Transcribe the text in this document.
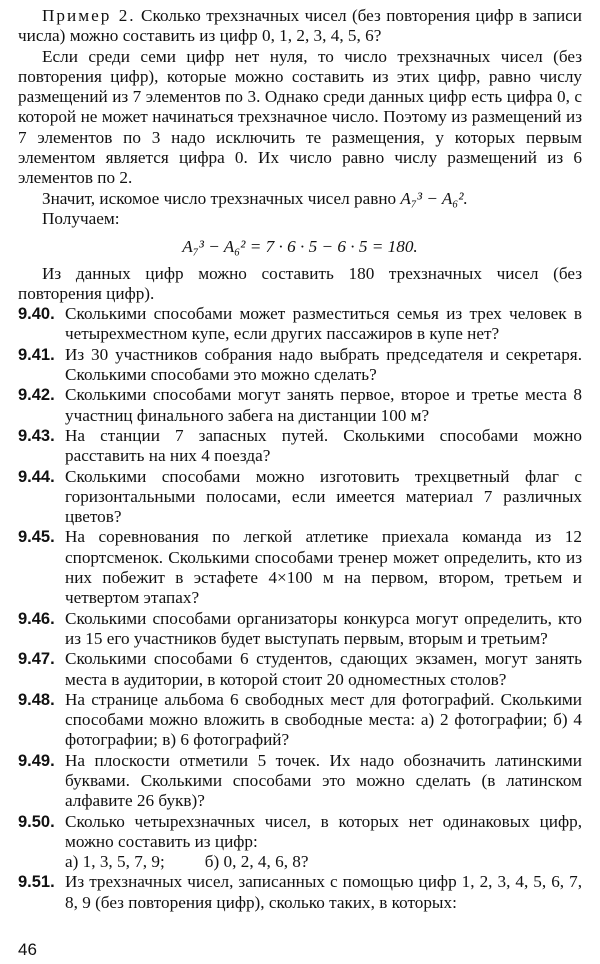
Пример 2. Сколько трехзначных чисел (без повторения цифр в записи числа) можно составить из цифр 0, 1, 2, 3, 4, 5, 6?
Если среди семи цифр нет нуля, то число трехзначных чисел (без повторения цифр), которые можно составить из этих цифр, равно числу размещений из 7 элементов по 3. Однако среди данных цифр есть цифра 0, с которой не может начинаться трехзначное число. Поэтому из размещений из 7 элементов по 3 надо исключить те размещения, у которых первым элементом является цифра 0. Их число равно числу размещений из 6 элементов по 2.
Значит, искомое число трехзначных чисел равно A₇³ − A₆².
Получаем:
A₇³ − A₆² = 7 · 6 · 5 − 6 · 5 = 180.
Из данных цифр можно составить 180 трехзначных чисел (без повторения цифр).
9.40. Сколькими способами может разместиться семья из трех человек в четырехместном купе, если других пассажиров в купе нет?
9.41. Из 30 участников собрания надо выбрать председателя и секретаря. Сколькими способами это можно сделать?
9.42. Сколькими способами могут занять первое, второе и третье места 8 участниц финального забега на дистанции 100 м?
9.43. На станции 7 запасных путей. Сколькими способами можно расставить на них 4 поезда?
9.44. Сколькими способами можно изготовить трехцветный флаг с горизонтальными полосами, если имеется материал 7 различных цветов?
9.45. На соревнования по легкой атлетике приехала команда из 12 спортсменок. Сколькими способами тренер может определить, кто из них побежит в эстафете 4×100 м на первом, втором, третьем и четвертом этапах?
9.46. Сколькими способами организаторы конкурса могут определить, кто из 15 его участников будет выступать первым, вторым и третьим?
9.47. Сколькими способами 6 студентов, сдающих экзамен, могут занять места в аудитории, в которой стоит 20 одноместных столов?
9.48. На странице альбома 6 свободных мест для фотографий. Сколькими способами можно вложить в свободные места: а) 2 фотографии; б) 4 фотографии; в) 6 фотографий?
9.49. На плоскости отметили 5 точек. Их надо обозначить латинскими буквами. Сколькими способами это можно сделать (в латинском алфавите 26 букв)?
9.50. Сколько четырехзначных чисел, в которых нет одинаковых цифр, можно составить из цифр:
а) 1, 3, 5, 7, 9; б) 0, 2, 4, 6, 8?
9.51. Из трехзначных чисел, записанных с помощью цифр 1, 2, 3, 4, 5, 6, 7, 8, 9 (без повторения цифр), сколько таких, в которых:
46
